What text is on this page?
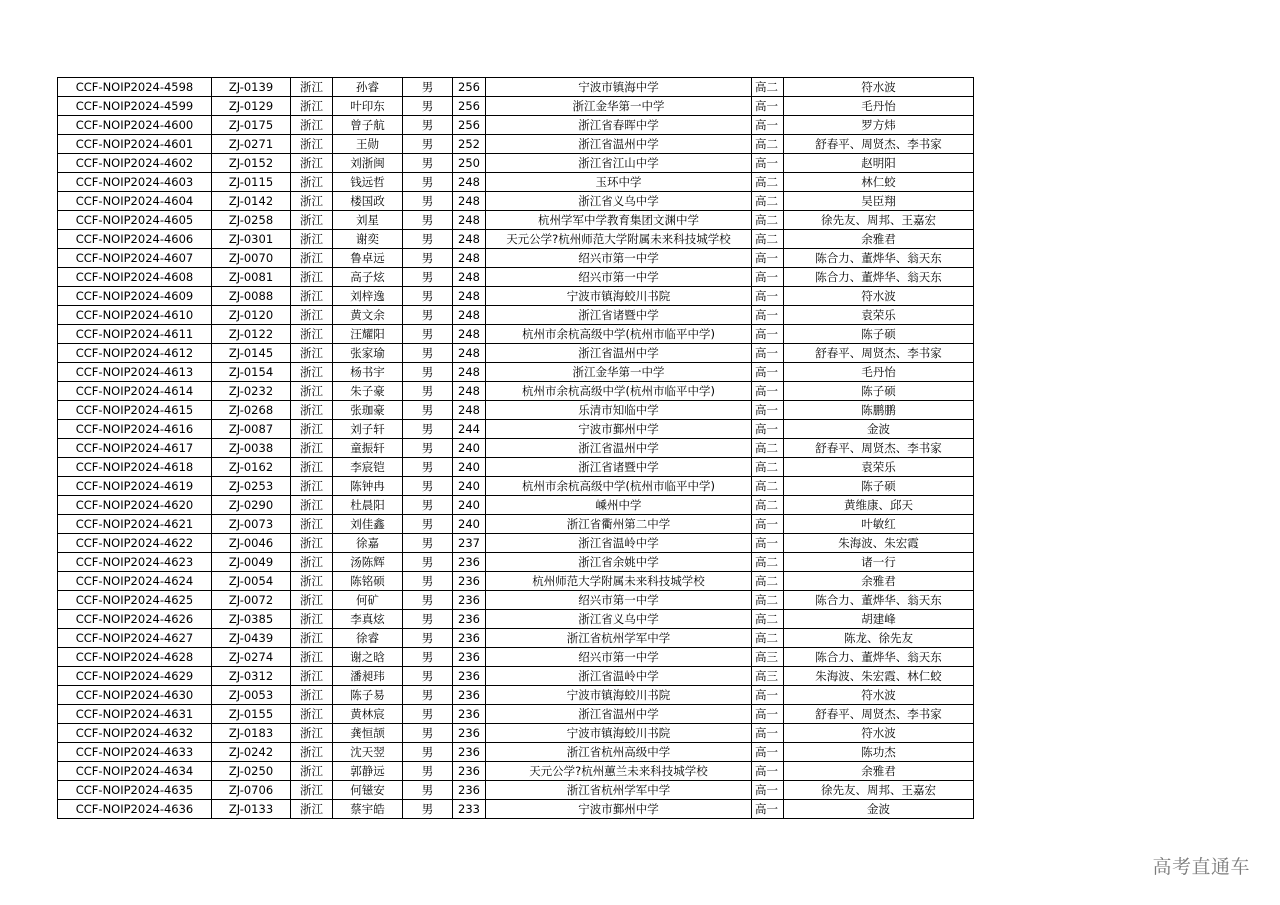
CCF-NOIP2024-4598	ZJ-0139	浙江	孙睿	男	256	宁波市镇海中学	高二	符水波
CCF-NOIP2024-4599	ZJ-0129	浙江	叶印东	男	256	浙江金华第一中学	高一	毛丹怡
CCF-NOIP2024-4600	ZJ-0175	浙江	曾子航	男	256	浙江省春晖中学	高一	罗方炜
CCF-NOIP2024-4601	ZJ-0271	浙江	王勋	男	252	浙江省温州中学	高二	舒春平、周贤杰、李书家
CCF-NOIP2024-4602	ZJ-0152	浙江	刘浙闽	男	250	浙江省江山中学	高一	赵明阳
CCF-NOIP2024-4603	ZJ-0115	浙江	钱远哲	男	248	玉环中学	高二	林仁蛟
CCF-NOIP2024-4604	ZJ-0142	浙江	楼国政	男	248	浙江省义乌中学	高二	吴臣翔
CCF-NOIP2024-4605	ZJ-0258	浙江	刘星	男	248	杭州学军中学教育集团文渊中学	高二	徐先友、周邦、王嘉宏
CCF-NOIP2024-4606	ZJ-0301	浙江	谢奕	男	248	天元公学?杭州师范大学附属未来科技城学校	高二	余雅君
CCF-NOIP2024-4607	ZJ-0070	浙江	鲁卓远	男	248	绍兴市第一中学	高一	陈合力、董烨华、翁天东
CCF-NOIP2024-4608	ZJ-0081	浙江	高子炫	男	248	绍兴市第一中学	高一	陈合力、董烨华、翁天东
CCF-NOIP2024-4609	ZJ-0088	浙江	刘梓逸	男	248	宁波市镇海蛟川书院	高一	符水波
CCF-NOIP2024-4610	ZJ-0120	浙江	黄文余	男	248	浙江省诸暨中学	高一	袁荣乐
CCF-NOIP2024-4611	ZJ-0122	浙江	汪耀阳	男	248	杭州市余杭高级中学(杭州市临平中学)	高一	陈子硕
CCF-NOIP2024-4612	ZJ-0145	浙江	张家瑜	男	248	浙江省温州中学	高一	舒春平、周贤杰、李书家
CCF-NOIP2024-4613	ZJ-0154	浙江	杨书宇	男	248	浙江金华第一中学	高一	毛丹怡
CCF-NOIP2024-4614	ZJ-0232	浙江	朱子豪	男	248	杭州市余杭高级中学(杭州市临平中学)	高一	陈子硕
CCF-NOIP2024-4615	ZJ-0268	浙江	张珈豪	男	248	乐清市知临中学	高一	陈鹏鹏
CCF-NOIP2024-4616	ZJ-0087	浙江	刘子轩	男	244	宁波市鄞州中学	高一	金波
CCF-NOIP2024-4617	ZJ-0038	浙江	童振轩	男	240	浙江省温州中学	高二	舒春平、周贤杰、李书家
CCF-NOIP2024-4618	ZJ-0162	浙江	李宸铠	男	240	浙江省诸暨中学	高二	袁荣乐
CCF-NOIP2024-4619	ZJ-0253	浙江	陈钟冉	男	240	杭州市余杭高级中学(杭州市临平中学)	高二	陈子硕
CCF-NOIP2024-4620	ZJ-0290	浙江	杜晨阳	男	240	嵊州中学	高二	黄维康、邱天
CCF-NOIP2024-4621	ZJ-0073	浙江	刘佳鑫	男	240	浙江省衢州第二中学	高一	叶敏红
CCF-NOIP2024-4622	ZJ-0046	浙江	徐嘉	男	237	浙江省温岭中学	高一	朱海波、朱宏霞
CCF-NOIP2024-4623	ZJ-0049	浙江	汤陈辉	男	236	浙江省余姚中学	高二	诸一行
CCF-NOIP2024-4624	ZJ-0054	浙江	陈铭硕	男	236	杭州师范大学附属未来科技城学校	高二	余雅君
CCF-NOIP2024-4625	ZJ-0072	浙江	何矿	男	236	绍兴市第一中学	高二	陈合力、董烨华、翁天东
CCF-NOIP2024-4626	ZJ-0385	浙江	李真炫	男	236	浙江省义乌中学	高二	胡建峰
CCF-NOIP2024-4627	ZJ-0439	浙江	徐睿	男	236	浙江省杭州学军中学	高二	陈龙、徐先友
CCF-NOIP2024-4628	ZJ-0274	浙江	谢之晗	男	236	绍兴市第一中学	高三	陈合力、董烨华、翁天东
CCF-NOIP2024-4629	ZJ-0312	浙江	潘昶玮	男	236	浙江省温岭中学	高三	朱海波、朱宏霞、林仁蛟
CCF-NOIP2024-4630	ZJ-0053	浙江	陈子易	男	236	宁波市镇海蛟川书院	高一	符水波
CCF-NOIP2024-4631	ZJ-0155	浙江	黄林宸	男	236	浙江省温州中学	高一	舒春平、周贤杰、李书家
CCF-NOIP2024-4632	ZJ-0183	浙江	龚恒颉	男	236	宁波市镇海蛟川书院	高一	符水波
CCF-NOIP2024-4633	ZJ-0242	浙江	沈天翌	男	236	浙江省杭州高级中学	高一	陈功杰
CCF-NOIP2024-4634	ZJ-0250	浙江	郭静远	男	236	天元公学?杭州蕙兰未来科技城学校	高一	余雅君
CCF-NOIP2024-4635	ZJ-0706	浙江	何镃安	男	236	浙江省杭州学军中学	高一	徐先友、周邦、王嘉宏
CCF-NOIP2024-4636	ZJ-0133	浙江	蔡宇皓	男	233	宁波市鄞州中学	高一	金波
高考直通车
